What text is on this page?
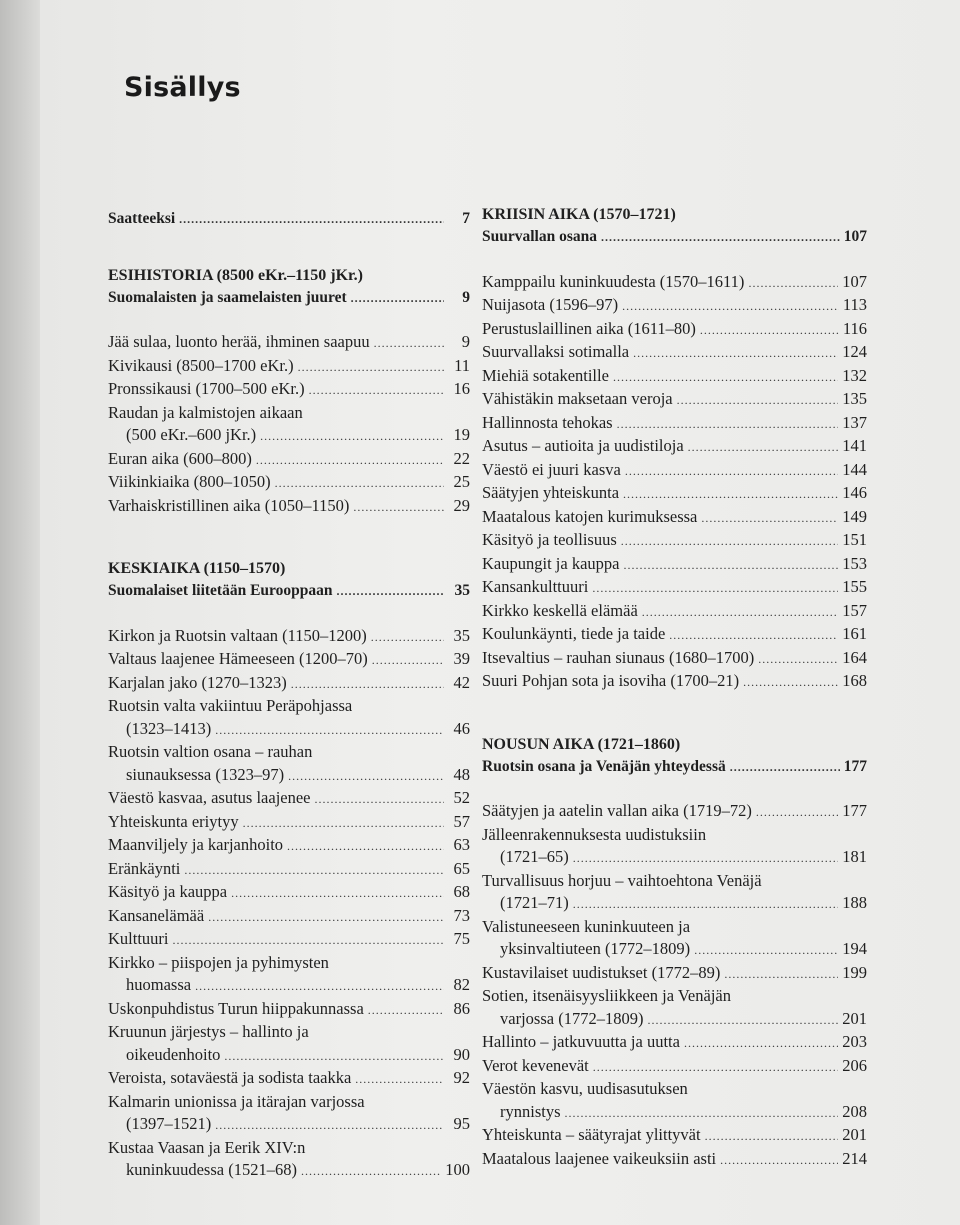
Sisällys
Saatteeksi .....	7
ESIHISTORIA (8500 eKr.–1150 jKr.)
Suomalaisten ja saamelaisten juuret .....	9
Jää sulaa, luonto herää, ihminen saapuu .....	9
Kivikausi (8500–1700 eKr.) .....	11
Pronssikausi (1700–500 eKr.) .....	16
Raudan ja kalmistojen aikaan
(500 eKr.–600 jKr.) .....	19
Euran aika (600–800) .....	22
Viikinkiaika (800–1050) .....	25
Varhaiskristillinen aika (1050–1150) .....	29
KESKIAIKA (1150–1570)
Suomalaiset liitetään Eurooppaan .....	35
Kirkon ja Ruotsin valtaan (1150–1200) .....	35
Valtaus laajenee Hämeeseen (1200–70) .....	39
Karjalan jako (1270–1323) .....	42
Ruotsin valta vakiintuu Peräpohjassa
(1323–1413) .....	46
Ruotsin valtion osana – rauhan
siunauksessa (1323–97) .....	48
Väestö kasvaa, asutus laajenee .....	52
Yhteiskunta eriytyy .....	57
Maanviljely ja karjanhoito .....	63
Eränkäynti .....	65
Käsityö ja kauppa .....	68
Kansanelämää .....	73
Kulttuuri .....	75
Kirkko – piispojen ja pyhimysten
huomassa .....	82
Uskonpuhdistus Turun hiippakunnassa .....	86
Kruunun järjestys – hallinto ja
oikeudenhoito .....	90
Veroista, sotaväestä ja sodista taakka .....	92
Kalmarin unionissa ja itärajan varjossa
(1397–1521) .....	95
Kustaa Vaasan ja Eerik XIV:n
kuninkuudessa (1521–68) .....	100
KRIISIN AIKA (1570–1721)
Suurvallan osana .....	107
Kamppailu kuninkuudesta (1570–1611) .....	107
Nuijasota (1596–97) .....	113
Perustuslaillinen aika (1611–80) .....	116
Suurvallaksi sotimalla .....	124
Miehiä sotakentille .....	132
Vähistäkin maksetaan veroja .....	135
Hallinnosta tehokas .....	137
Asutus – autioita ja uudistiloja .....	141
Väestö ei juuri kasva .....	144
Säätyjen yhteiskunta .....	146
Maatalous katojen kurimuksessa .....	149
Käsityö ja teollisuus .....	151
Kaupungit ja kauppa .....	153
Kansankulttuuri .....	155
Kirkko keskellä elämää .....	157
Koulunkäynti, tiede ja taide .....	161
Itsevaltius – rauhan siunaus (1680–1700) .....	164
Suuri Pohjan sota ja isoviha (1700–21) .....	168
NOUSUN AIKA (1721–1860)
Ruotsin osana ja Venäjän yhteydessä .....	177
Säätyjen ja aatelin vallan aika (1719–72) .....	177
Jälleenrakennuksesta uudistuksiin
(1721–65) .....	181
Turvallisuus horjuu – vaihtoehtona Venäjä
(1721–71) .....	188
Valistuneeseen kuninkuuteen ja
yksinvaltiuteen (1772–1809) .....	194
Kustavilaiset uudistukset (1772–89) .....	199
Sotien, itsenäisyysliikkeen ja Venäjän
varjossa (1772–1809) .....	201
Hallinto – jatkuvuutta ja uutta .....	203
Verot kevenevät .....	206
Väestön kasvu, uudisasutuksen
rynnistys .....	208
Yhteiskunta – säätyrajat ylittyvät .....	201
Maatalous laajenee vaikeuksiin asti .....	214
